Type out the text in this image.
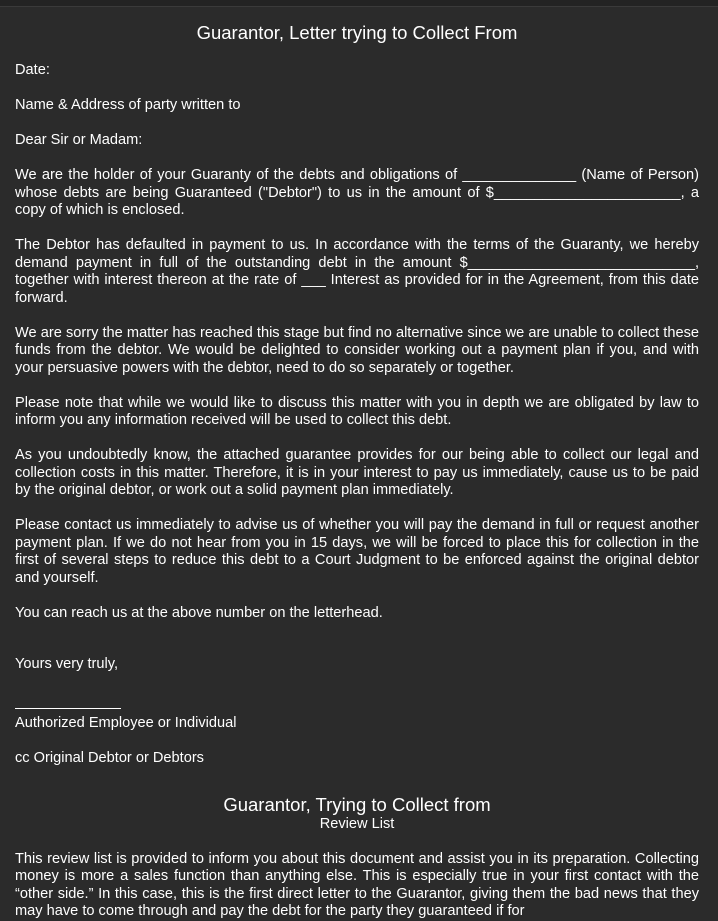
Guarantor, Letter trying to Collect From
Date:
Name & Address of party written to
Dear Sir or Madam:
We are the holder of your Guaranty of the debts and obligations of ______________ (Name of Person) whose debts are being Guaranteed ("Debtor") to us in the amount of $_______________________, a copy of which is enclosed.
The Debtor has defaulted in payment to us. In accordance with the terms of the Guaranty, we hereby demand payment in full of the outstanding debt in the amount $____________________________, together with interest thereon at the rate of ___ Interest as provided for in the Agreement, from this date forward.
We are sorry the matter has reached this stage but find no alternative since we are unable to collect these funds from the debtor. We would be delighted to consider working out a payment plan if you, and with your persuasive powers with the debtor, need to do so separately or together.
Please note that while we would like to discuss this matter with you in depth we are obligated by law to inform you any information received will be used to collect this debt.
As you undoubtedly know, the attached guarantee provides for our being able to collect our legal and collection costs in this matter. Therefore, it is in your interest to pay us immediately, cause us to be paid by the original debtor, or work out a solid payment plan immediately.
Please contact us immediately to advise us of whether you will pay the demand in full or request another payment plan. If we do not hear from you in 15 days, we will be forced to place this for collection in the first of several steps to reduce this debt to a Court Judgment to be enforced against the original debtor and yourself.
You can reach us at the above number on the letterhead.
Yours very truly,
Authorized Employee or Individual
cc Original Debtor or Debtors
Guarantor, Trying to Collect from
Review List
This review list is provided to inform you about this document and assist you in its preparation. Collecting money is more a sales function than anything else. This is especially true in your first contact with the “other side.” In this case, this is the first direct letter to the Guarantor, giving them the bad news that they may have to come through and pay the debt for the party they guaranteed if for
